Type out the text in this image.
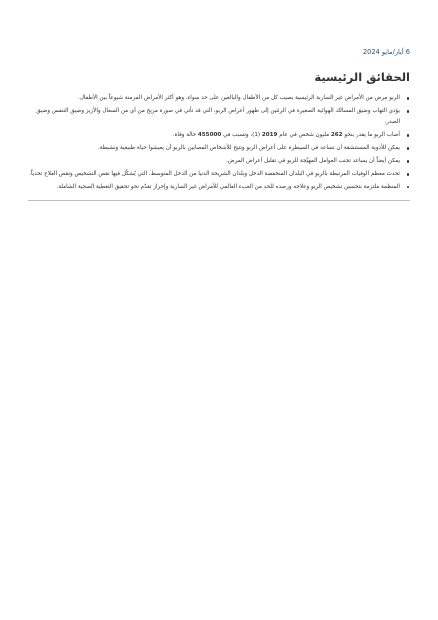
6 أيار/مايو 2024
الحقائق الرئيسية
الربو مرض من الأمراض غير السارية الرئيسية يصيب كل من الأطفال والبالغين على حد سواء، وهو أكثر الأمراض المزمنة شيوعاً بين الأطفال.
يؤدي التهاب وضيق المسالك الهوائية الصغيرة في الرئتين إلى ظهور أعراض الربو، التي قد تأتي في صورة مزيج من أي من السعال والأزيز وضيق التنفس وضيق الصدر.
أصاب الربو ما يقدر بنحو 262 مليون شخص في عام 2019 (1)، وتسبب في 455000 حالة وفاة.
يمكن للأدوية المستنشقة أن تساعد في السيطرة على أعراض الربو وتتيح للأشخاص المصابين بالربو أن يعيشوا حياة طبيعية ونشيطة.
يمكن أيضاً أن يساعد تجنب العوامل المهيِّجة للربو في تقليل أعراض المرض.
تحدث معظم الوفيات المرتبطة بالربو في البلدان المنخفضة الدخل وبلدان الشريحة الدنيا من الدخل المتوسط، التي يُشكّل فيها نقص التشخيص ونقص العلاج تحدياً.
المنظمة ملتزمة بتحسين تشخيص الربو وعلاجه ورصده للحد من العبء العالمي للأمراض غير السارية وإحراز تقدّم نحو تحقيق التغطية الصحية الشاملة.
